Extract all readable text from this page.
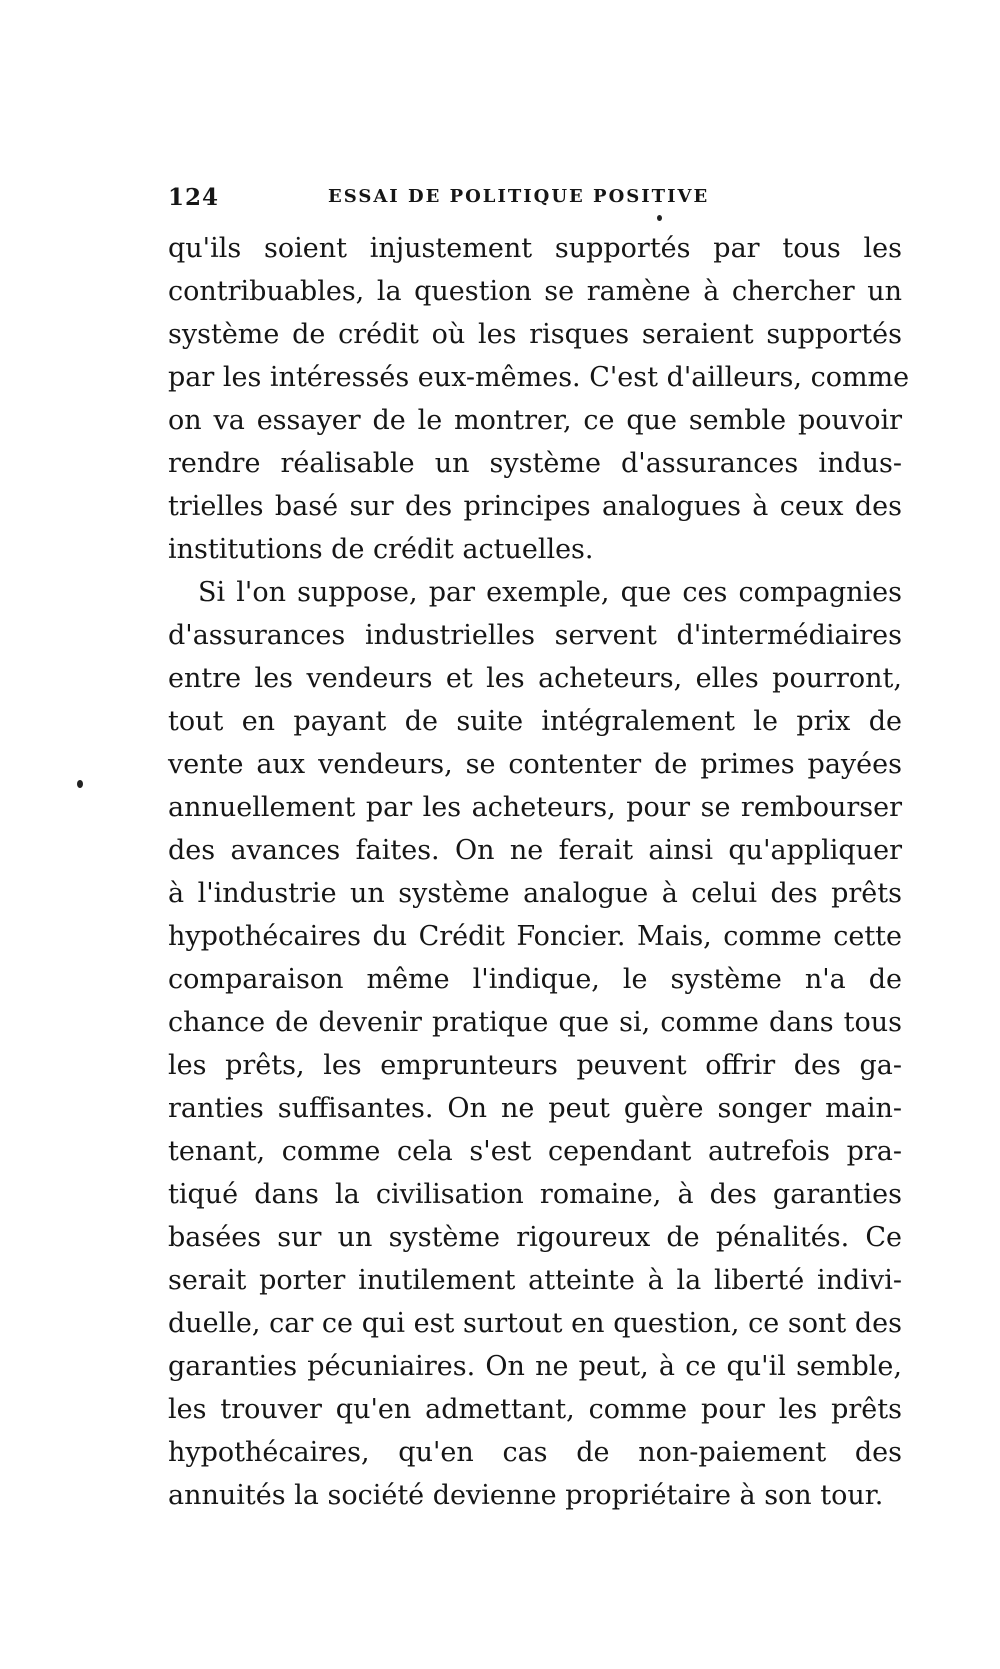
124	ESSAI DE POLITIQUE POSITIVE
qu'ils soient injustement supportés par tous les
contribuables, la question se ramène à chercher un
système de crédit où les risques seraient supportés
par les intéressés eux-mêmes. C'est d'ailleurs, comme
on va essayer de le montrer, ce que semble pouvoir
rendre réalisable un système d'assurances indus-
trielles basé sur des principes analogues à ceux des
institutions de crédit actuelles.
Si l'on suppose, par exemple, que ces compagnies
d'assurances industrielles servent d'intermédiaires
entre les vendeurs et les acheteurs, elles pourront,
tout en payant de suite intégralement le prix de
vente aux vendeurs, se contenter de primes payées
annuellement par les acheteurs, pour se rembourser
des avances faites. On ne ferait ainsi qu'appliquer
à l'industrie un système analogue à celui des prêts
hypothécaires du Crédit Foncier. Mais, comme cette
comparaison même l'indique, le système n'a de
chance de devenir pratique que si, comme dans tous
les prêts, les emprunteurs peuvent offrir des ga-
ranties suffisantes. On ne peut guère songer main-
tenant, comme cela s'est cependant autrefois pra-
tiqué dans la civilisation romaine, à des garanties
basées sur un système rigoureux de pénalités. Ce
serait porter inutilement atteinte à la liberté indivi-
duelle, car ce qui est surtout en question, ce sont des
garanties pécuniaires. On ne peut, à ce qu'il semble,
les trouver qu'en admettant, comme pour les prêts
hypothécaires, qu'en cas de non-paiement des
annuités la société devienne propriétaire à son tour.
